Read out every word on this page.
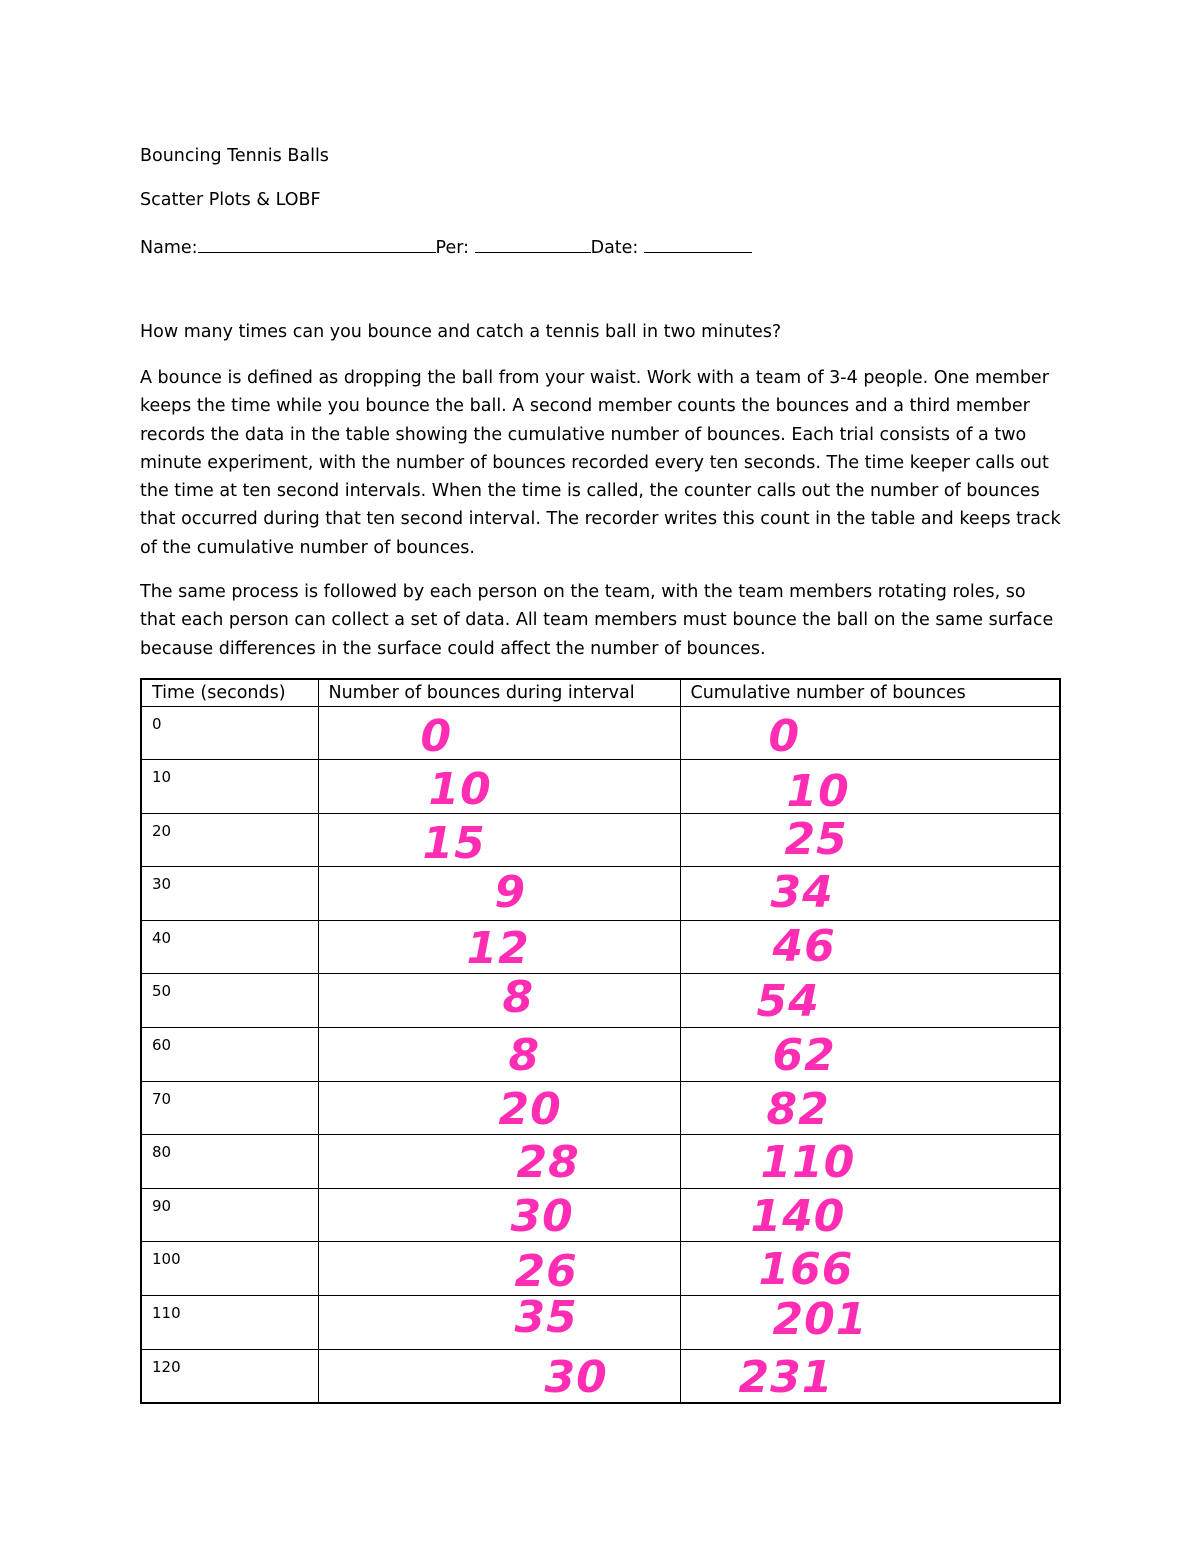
Bouncing Tennis Balls
Scatter Plots & LOBF
Name:	Per:	Date:
How many times can you bounce and catch a tennis ball in two minutes?
A bounce is defined as dropping the ball from your waist. Work with a team of 3-4 people. One member
keeps the time while you bounce the ball. A second member counts the bounces and a third member
records the data in the table showing the cumulative number of bounces. Each trial consists of a two
minute experiment, with the number of bounces recorded every ten seconds. The time keeper calls out
the time at ten second intervals. When the time is called, the counter calls out the number of bounces
that occurred during that ten second interval. The recorder writes this count in the table and keeps track
of the cumulative number of bounces.
The same process is followed by each person on the team, with the team members rotating roles, so
that each person can collect a set of data. All team members must bounce the ball on the same surface
because differences in the surface could affect the number of bounces.
Time (seconds)	Number of bounces during interval	Cumulative number of bounces
0	0	0

10	10	10

20	15	25

30	9	34

40	12	46

50	8	54

60	8	62

70	20	82

80	28	110

90	30	140

100	26	166

110	35	201

120	30	231
